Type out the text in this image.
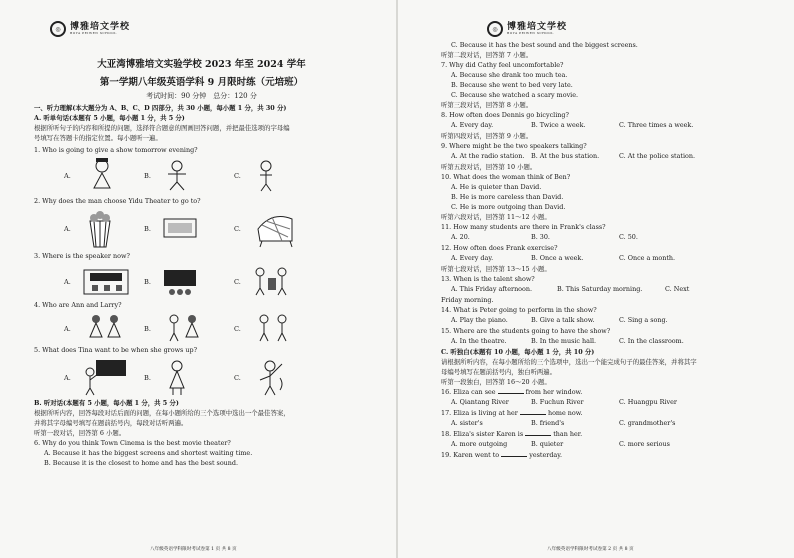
◎	博雅培文学校
BOYA PEIWEN SCHOOL
大亚湾博雅培文实验学校 2023 年至 2024 学年
第一学期八年级英语学科 9 月限时练（元培班）
考试时间：90 分钟　总分：120 分
一、听力理解(本大题分为 A、B、C、D 四部分，共 30 小题，每小题 1 分，共 30 分)
A. 听单句话(本题有 5 小题，每小题 1 分，共 5 分)
根据所听句子的内容和所提的问题，选择符合题意的图画回答问题，并把最佳选项的字母编
号填写在答题卡的指定位置。每小题听一遍。
1. Who is going to give a show tomorrow evening?
A.	B.	C.
2. Why does the man choose Yidu Theater to go to?
A.	B.	C.
3. Where is the speaker now?
A.	B.	C.
4. Who are Ann and Larry?
A.	B.	C.
5. What does Tina want to be when she grows up?
A.	B.	C.
B. 听对话(本题有 5 小题，每小题 1 分，共 5 分)
根据所听内容，回答每段对话后面的问题，在每小题所给的三个选项中选出一个最佳答案，
并将其字母编号填写在题前括号内，每段对话听两遍。
听第一段对话，回答第 6 小题。
6. Why do you think Town Cinema is the best movie theater?
A. Because it has the biggest screens and shortest waiting time.
B. Because it is the closest to home and has the best sound.
八年级英语学科限时考试卷第 1 页 共 8 页
◎	博雅培文学校
BOYA PEIWEN SCHOOL
C. Because it has the best sound and the biggest screens.
听第二段对话，回答第 7 小题。
7. Why did Cathy feel uncomfortable?
A. Because she drank too much tea.
B. Because she went to bed very late.
C. Because she watched a scary movie.
听第三段对话，回答第 8 小题。
8. How often does Dennis go bicycling?
A. Every day.	B. Twice a week.	C. Three times a week.
听第四段对话，回答第 9 小题。
9. Where might be the two speakers talking?
A. At the radio station.	B. At the bus station.	C. At the police station.
听第五段对话，回答第 10 小题。
10. What does the woman think of Ben?
A. He is quieter than David.
B. He is more careless than David.
C. He is more outgoing than David.
听第六段对话，回答第 11～12 小题。
11. How many students are there in Frank's class?
A. 20.	B. 30.	C. 50.
12. How often does Frank exercise?
A. Every day.	B. Once a week.	C. Once a month.
听第七段对话，回答第 13～15 小题。
13. When is the talent show?
A. This Friday afternoon.	B. This Saturday morning.	C. Next
Friday morning.
14. What is Peter going to perform in the show?
A. Play the piano.	B. Give a talk show.	C. Sing a song.
15. Where are the students going to have the show?
A. In the theatre.	B. In the music hall.	C. In the classroom.
C. 听独白(本题有 10 小题，每小题 1 分，共 10 分)
请根据所听内容，在每小题所给的三个选项中，选出一个能完成句子的最佳答案，并将其字
母编号填写在题前括号内，独白听两遍。
听第一段独白，回答第 16～20 小题。
16. Eliza can see	from her window.
A. Qiantang River	B. Fuchun River	C. Huangpu River
17. Eliza is living at her	home now.
A. sister's	B. friend's	C. grandmother's
18. Eliza's sister Karen is	than her.
A. more outgoing	B. quieter	C. more serious
19. Karen went to	yesterday.
八年级英语学科限时考试卷第 2 页 共 8 页
